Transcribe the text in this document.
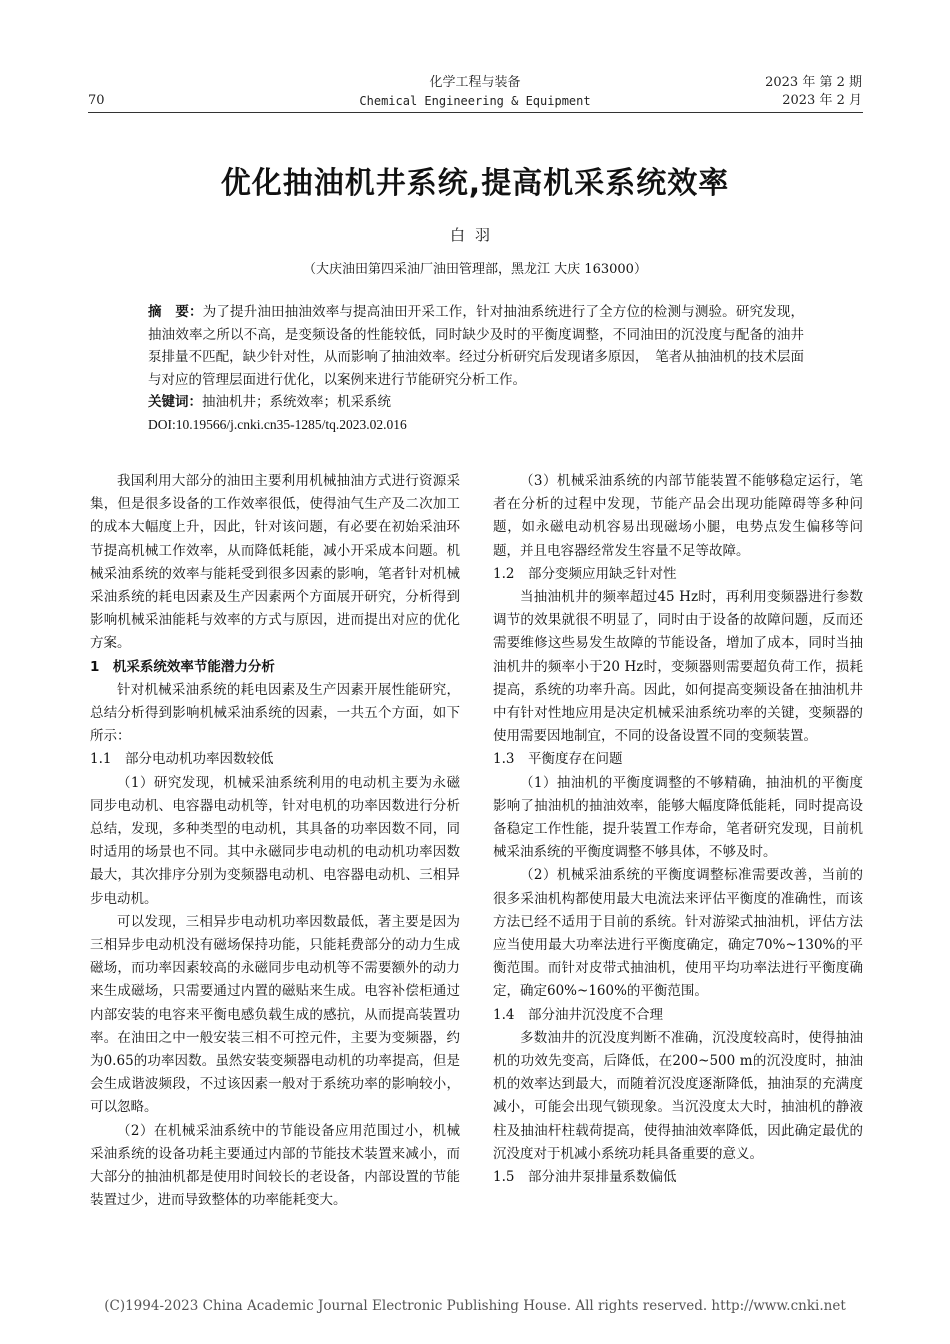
70
化学工程与装备
Chemical Engineering & Equipment
2023 年 第 2 期
2023 年 2 月
优化抽油机井系统,提高机采系统效率
白羽
（大庆油田第四采油厂油田管理部，黑龙江 大庆 163000）
摘　要：为了提升油田抽油效率与提高油田开采工作，针对抽油系统进行了全方位的检测与测验。研究发现，抽油效率之所以不高，是变频设备的性能较低，同时缺少及时的平衡度调整，不同油田的沉没度与配备的油井泵排量不匹配，缺少针对性，从而影响了抽油效率。经过分析研究后发现诸多原因，　笔者从抽油机的技术层面与对应的管理层面进行优化，以案例来进行节能研究分析工作。
关键词：抽油机井；系统效率；机采系统
DOI:10.19566/j.cnki.cn35-1285/tq.2023.02.016

我国利用大部分的油田主要利用机械抽油方式进行资源采集，但是很多设备的工作效率很低，使得油气生产及二次加工的成本大幅度上升，因此，针对该问题，有必要在初始采油环节提高机械工作效率，从而降低耗能，减小开采成本问题。机械采油系统的效率与能耗受到很多因素的影响，笔者针对机械采油系统的耗电因素及生产因素两个方面展开研究，分析得到影响机械采油能耗与效率的方式与原因，进而提出对应的优化方案。

1　机采系统效率节能潜力分析

针对机械采油系统的耗电因素及生产因素开展性能研究，总结分析得到影响机械采油系统的因素，一共五个方面，如下所示：

1.1　部分电动机功率因数较低

（1）研究发现，机械采油系统利用的电动机主要为永磁同步电动机、电容器电动机等，针对电机的功率因数进行分析总结，发现，多种类型的电动机，其具备的功率因数不同，同时适用的场景也不同。其中永磁同步电动机的电动机功率因数最大，其次排序分别为变频器电动机、电容器电动机、三相异步电动机。

可以发现，三相异步电动机功率因数最低，著主要是因为三相异步电动机没有磁场保持功能，只能耗费部分的动力生成磁场，而功率因素较高的永磁同步电动机等不需要额外的动力来生成磁场，只需要通过内置的磁贴来生成。电容补偿柜通过内部安装的电容来平衡电感负载生成的感抗，从而提高装置功率。在油田之中一般安装三相不可控元件，主要为变频器，约为0.65的功率因数。虽然安装变频器电动机的功率提高，但是会生成谐波频段，不过该因素一般对于系统功率的影响较小，可以忽略。

（2）在机械采油系统中的节能设备应用范围过小，机械采油系统的设备功耗主要通过内部的节能技术装置来减小，而大部分的抽油机都是使用时间较长的老设备，内部设置的节能装置过少，进而导致整体的功率能耗变大。

（3）机械采油系统的内部节能装置不能够稳定运行，笔者在分析的过程中发现，节能产品会出现功能障碍等多种问题，如永磁电动机容易出现磁场小腿，电势点发生偏移等问题，并且电容器经常发生容量不足等故障。

1.2　部分变频应用缺乏针对性

当抽油机井的频率超过45 Hz时，再利用变频器进行参数调节的效果就很不明显了，同时由于设备的故障问题，反而还需要维修这些易发生故障的节能设备，增加了成本，同时当抽油机井的频率小于20 Hz时，变频器则需要超负荷工作，损耗提高，系统的功率升高。因此，如何提高变频设备在抽油机井中有针对性地应用是决定机械采油系统功率的关键，变频器的使用需要因地制宜，不同的设备设置不同的变频装置。

1.3　平衡度存在问题

（1）抽油机的平衡度调整的不够精确，抽油机的平衡度影响了抽油机的抽油效率，能够大幅度降低能耗，同时提高设备稳定工作性能，提升装置工作寿命，笔者研究发现，目前机械采油系统的平衡度调整不够具体，不够及时。

（2）机械采油系统的平衡度调整标准需要改善，当前的很多采油机构都使用最大电流法来评估平衡度的准确性，而该方法已经不适用于目前的系统。针对游梁式抽油机，评估方法应当使用最大功率法进行平衡度确定，确定70%~130%的平衡范围。而针对皮带式抽油机，使用平均功率法进行平衡度确定，确定60%~160%的平衡范围。

1.4　部分油井沉没度不合理

多数油井的沉没度判断不准确，沉没度较高时，使得抽油机的功效先变高，后降低，在200~500 m的沉没度时，抽油机的效率达到最大，而随着沉没度逐渐降低，抽油泵的充满度减小，可能会出现气锁现象。当沉没度太大时，抽油机的静液柱及抽油杆柱载荷提高，使得抽油效率降低，因此确定最优的沉没度对于机减小系统功耗具备重要的意义。

1.5　部分油井泵排量系数偏低

(C)1994-2023 China Academic Journal Electronic Publishing House. All rights reserved. http://www.cnki.net
